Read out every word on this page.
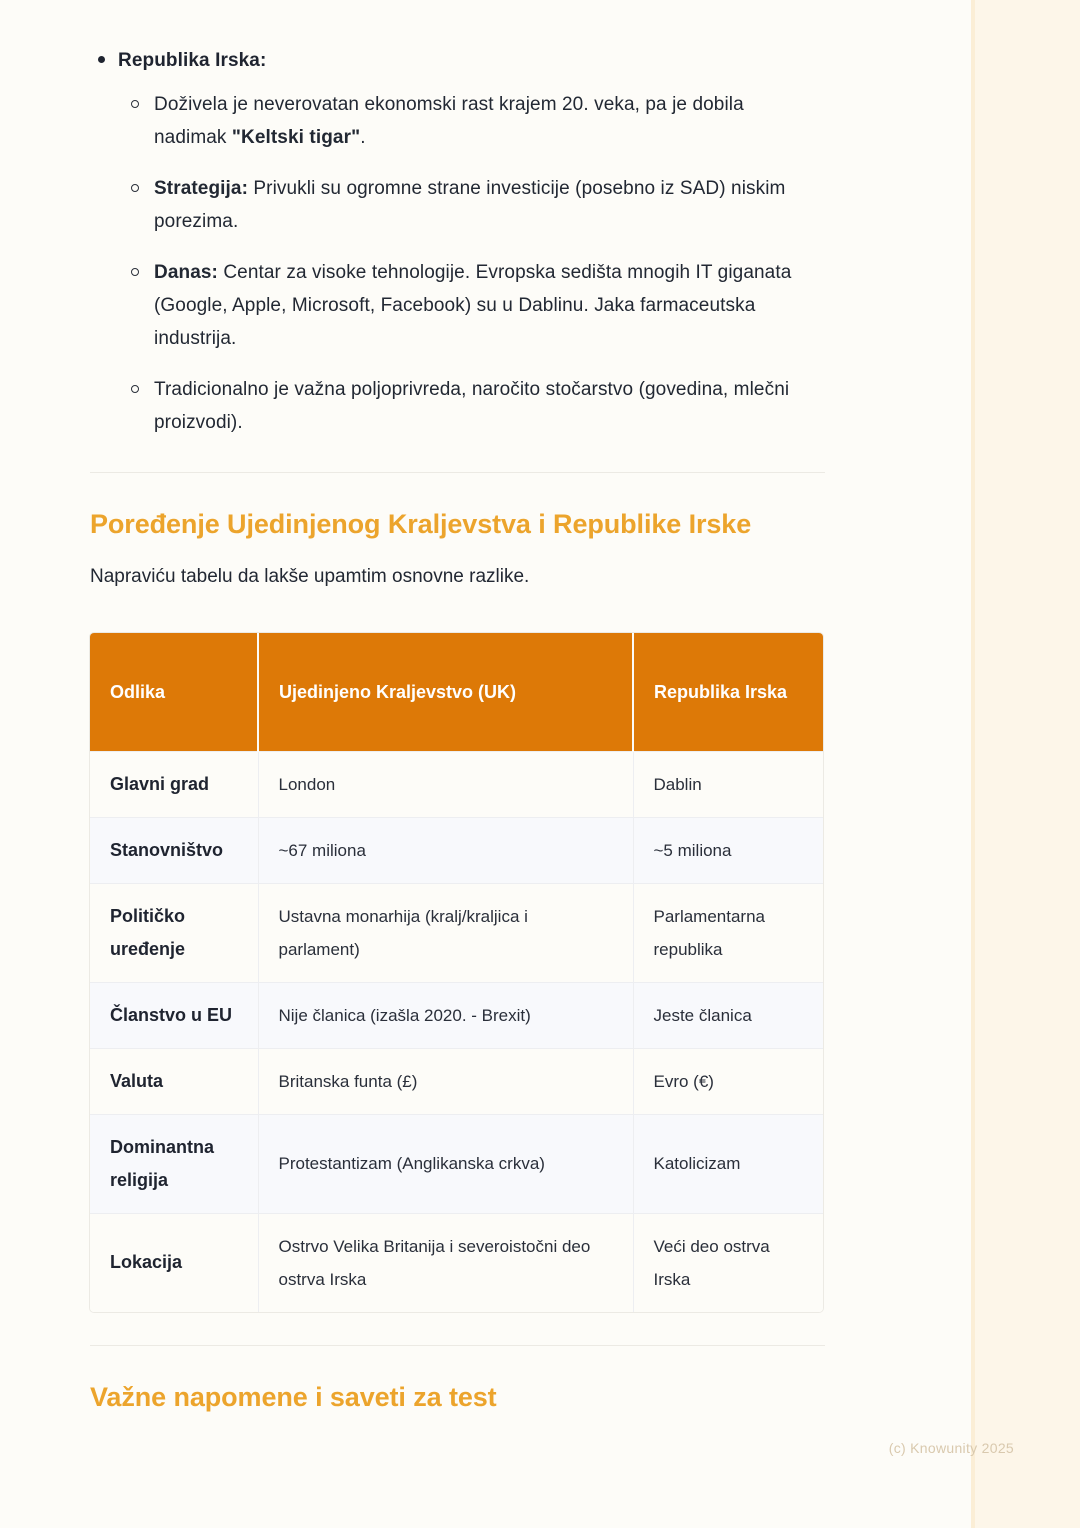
Republika Irska:
Doživela je neverovatan ekonomski rast krajem 20. veka, pa je dobila nadimak "Keltski tigar".
Strategija: Privukli su ogromne strane investicije (posebno iz SAD) niskim porezima.
Danas: Centar za visoke tehnologije. Evropska sedišta mnogih IT giganata (Google, Apple, Microsoft, Facebook) su u Dablinu. Jaka farmaceutska industrija.
Tradicionalno je važna poljoprivreda, naročito stočarstvo (govedina, mlečni proizvodi).
Poređenje Ujedinjenog Kraljevstva i Republike Irske

Napraviću tabelu da lakše upamtim osnovne razlike.

Odlika	Ujedinjeno Kraljevstvo (UK)	Republika Irska
Glavni grad	London	Dablin
Stanovništvo	~67 miliona	~5 miliona
Političko uređenje	Ustavna monarhija (kralj/kraljica i parlament)	Parlamentarna republika
Članstvo u EU	Nije članica (izašla 2020. - Brexit)	Jeste članica
Valuta	Britanska funta (£)	Evro (€)
Dominantna religija	Protestantizam (Anglikanska crkva)	Katolicizam
Lokacija	Ostrvo Velika Britanija i severoistočni deo ostrva Irska	Veći deo ostrva Irska
Važne napomene i saveti za test
(c) Knowunity 2025
